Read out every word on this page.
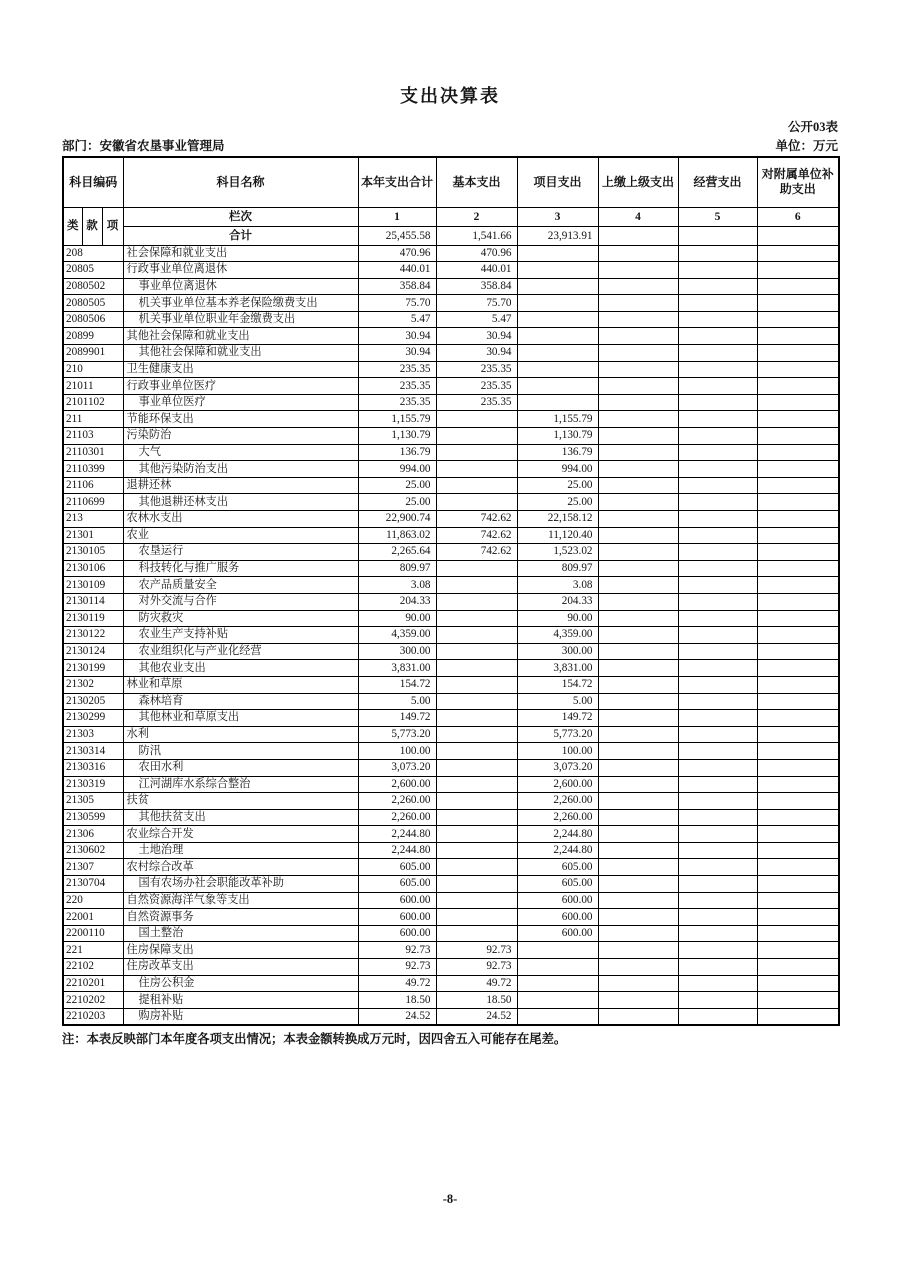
支出决算表
公开03表
部门：安徽省农垦事业管理局	单位：万元
科目编码			科目名称	本年支出合计	基本支出	项目支出	上缴上级支出	经营支出	对附属单位补助支出
类	款	项	栏次	1	2	3	4	5	6
			合计	25,455.58	1,541.66	23,913.91			
208			社会保障和就业支出	470.96	470.96				
20805			行政事业单位离退休	440.01	440.01				
2080502			事业单位离退休	358.84	358.84				
2080505			机关事业单位基本养老保险缴费支出	75.70	75.70				
2080506			机关事业单位职业年金缴费支出	5.47	5.47				
20899			其他社会保障和就业支出	30.94	30.94				
2089901			其他社会保障和就业支出	30.94	30.94				
210			卫生健康支出	235.35	235.35				
21011			行政事业单位医疗	235.35	235.35				
2101102			事业单位医疗	235.35	235.35				
211			节能环保支出	1,155.79		1,155.79			
21103			污染防治	1,130.79		1,130.79			
2110301			大气	136.79		136.79			
2110399			其他污染防治支出	994.00		994.00			
21106			退耕还林	25.00		25.00			
2110699			其他退耕还林支出	25.00		25.00			
213			农林水支出	22,900.74	742.62	22,158.12			
21301			农业	11,863.02	742.62	11,120.40			
2130105			农垦运行	2,265.64	742.62	1,523.02			
2130106			科技转化与推广服务	809.97		809.97			
2130109			农产品质量安全	3.08		3.08			
2130114			对外交流与合作	204.33		204.33			
2130119			防灾救灾	90.00		90.00			
2130122			农业生产支持补贴	4,359.00		4,359.00			
2130124			农业组织化与产业化经营	300.00		300.00			
2130199			其他农业支出	3,831.00		3,831.00			
21302			林业和草原	154.72		154.72			
2130205			森林培育	5.00		5.00			
2130299			其他林业和草原支出	149.72		149.72			
21303			水利	5,773.20		5,773.20			
2130314			防汛	100.00		100.00			
2130316			农田水利	3,073.20		3,073.20			
2130319			江河湖库水系综合整治	2,600.00		2,600.00			
21305			扶贫	2,260.00		2,260.00			
2130599			其他扶贫支出	2,260.00		2,260.00			
21306			农业综合开发	2,244.80		2,244.80			
2130602			土地治理	2,244.80		2,244.80			
21307			农村综合改革	605.00		605.00			
2130704			国有农场办社会职能改革补助	605.00		605.00			
220			自然资源海洋气象等支出	600.00		600.00			
22001			自然资源事务	600.00		600.00			
2200110			国土整治	600.00		600.00			
221			住房保障支出	92.73	92.73				
22102			住房改革支出	92.73	92.73				
2210201			住房公积金	49.72	49.72				
2210202			提租补贴	18.50	18.50				
2210203			购房补贴	24.52	24.52				
注：本表反映部门本年度各项支出情况；本表金额转换成万元时，因四舍五入可能存在尾差。
-8-
